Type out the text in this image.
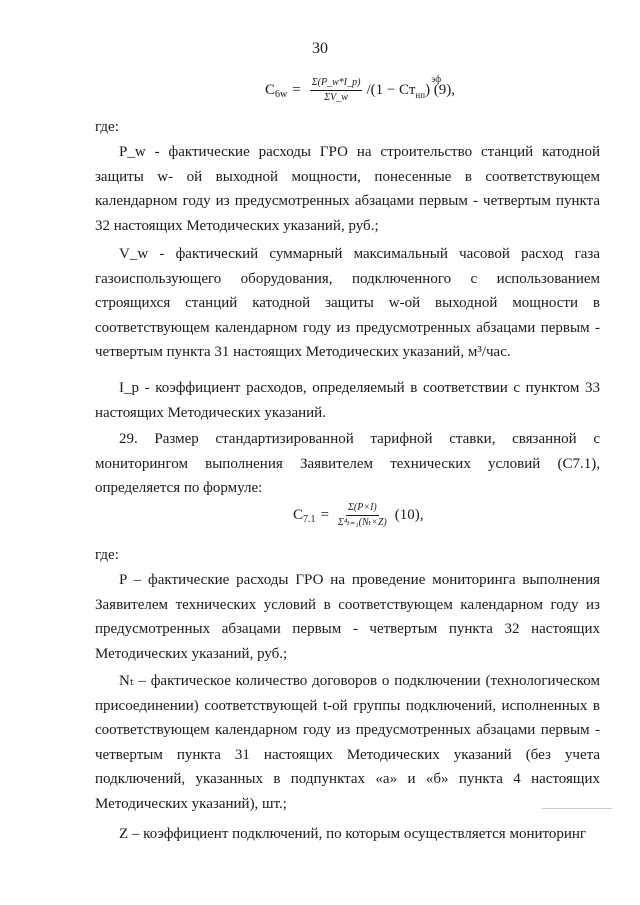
30
C $6w = \frac{\Sigma(P\_w*I\_p)}{\Sigma V\_w} /(1$ − Ст $_{нп}$
эф
) (9),
где:
P_w - фактические расходы ГРО на строительство станций катодной защиты w- ой выходной мощности, понесенные в соответствующем календарном году из предусмотренных абзацами первым - четвертым пункта 32 настоящих Методических указаний, руб.;
V_w - фактический суммарный максимальный часовой расход газа газоиспользующего оборудования, подключенного с использованием строящихся станций катодной защиты w-ой выходной мощности в соответствующем календарном году из предусмотренных абзацами первым - четвертым пункта 31 настоящих Методических указаний, м³/час.
I_p - коэффициент расходов, определяемый в соответствии с пунктом 33 настоящих Методических указаний.
29. Размер стандартизированной тарифной ставки, связанной с мониторингом выполнения Заявителем технических условий (C7.1), определяется по формуле:
C $7.1 = \frac{\Sigma(P\times I)}{\text{Σ⁴ₜ₌₁(Nₜ×Z)}} (10)$,
где:
P – фактические расходы ГРО на проведение мониторинга выполнения Заявителем технических условий в соответствующем календарном году из предусмотренных абзацами первым - четвертым пункта 32 настоящих Методических указаний, руб.;
Nₜ – фактическое количество договоров о подключении (технологическом присоединении) соответствующей t-ой группы подключений, исполненных в соответствующем календарном году из предусмотренных абзацами первым - четвертым пункта 31 настоящих Методических указаний (без учета подключений, указанных в подпунктах «а» и «б» пункта 4 настоящих Методических указаний), шт.;
Z – коэффициент подключений, по которым осуществляется мониторинг
